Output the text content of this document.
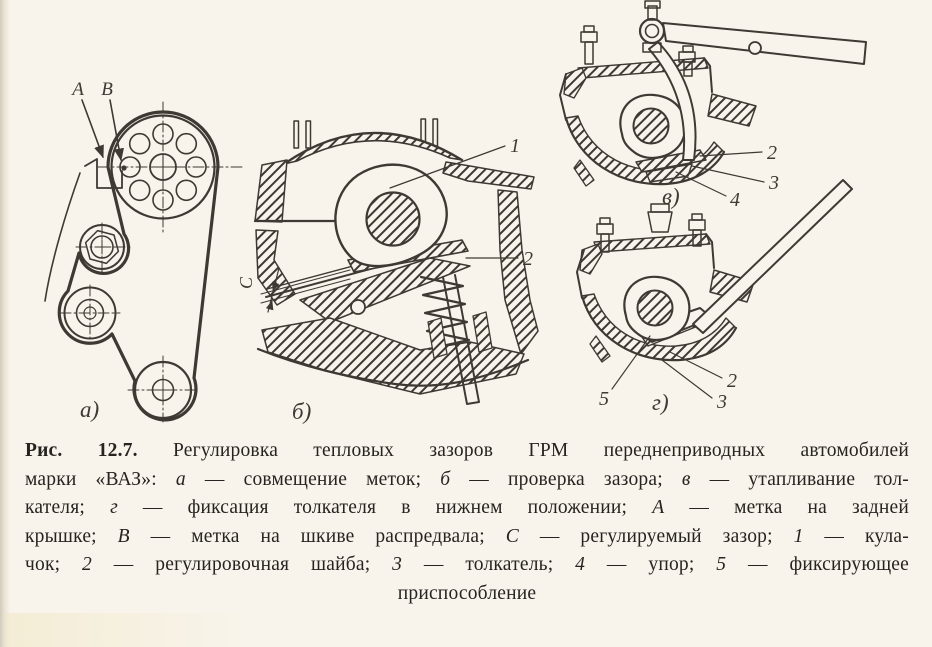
A B
а)
C
1
2
б)
2
3
4
в)
5
2
3
г)
Рис. 12.7. Регулировка тепловых зазоров ГРМ переднеприводных автомобилей
марки «ВАЗ»: а — совмещение меток; б — проверка зазора; в — утапливание тол-
кателя; г — фиксация толкателя в нижнем положении; А — метка на задней
крышке; В — метка на шкиве распредвала; С — регулируемый зазор; 1 — кула-
чок; 2 — регулировочная шайба; 3 — толкатель; 4 — упор; 5 — фиксирующее
приспособление
